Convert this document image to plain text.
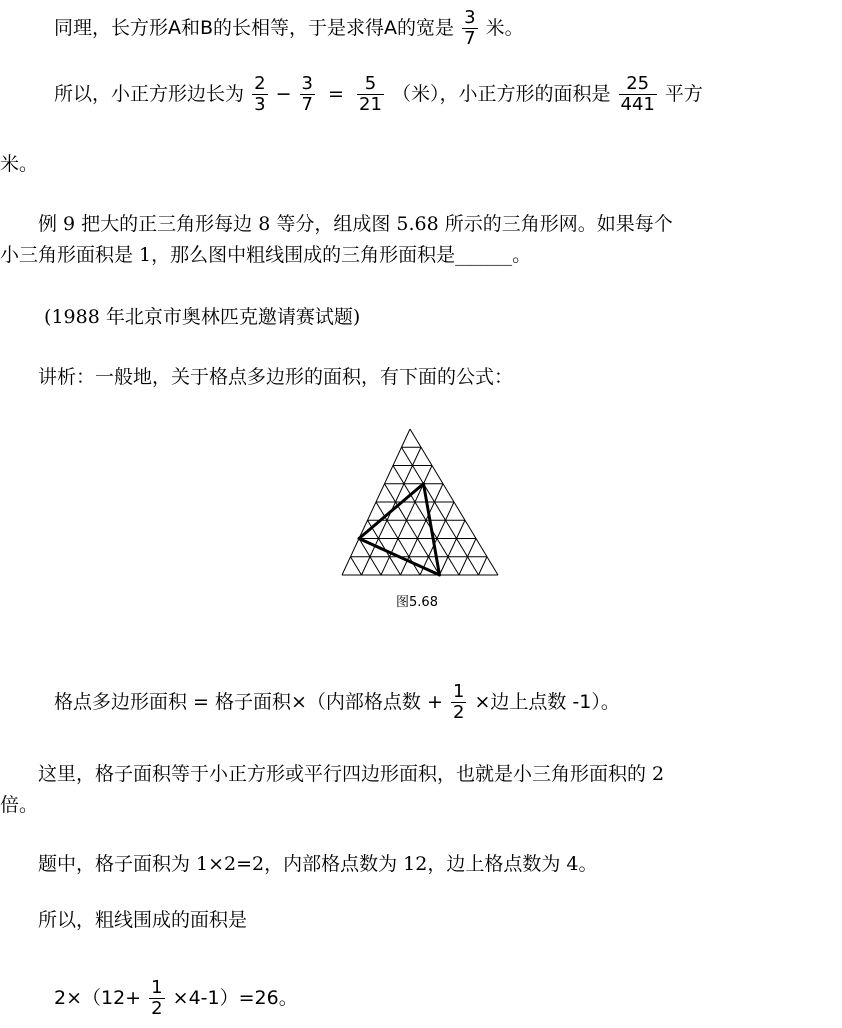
同理，长方形A和B的长相等，于是求得A的宽是 $\frac{3}{7}$ 米。
所以，小正方形边长为 $\frac{2}{3} - \frac{3}{7} = \frac{5}{21}$ （米），小正方形的面积是 $\frac{25}{441}$ 平方
米。
　　例 9 把大的正三角形每边 8 等分，组成图 5.68 所示的三角形网。如果每个
小三角形面积是 1，那么图中粗线围成的三角形面积是______。
　　 (1988 年北京市奥林匹克邀请赛试题)
　　讲析：一般地，关于格点多边形的面积，有下面的公式：
图5.68
格点多边形面积 = 格子面积×（内部格点数 + $\frac{1}{2}$ ×边上点数 -1）。
　　这里，格子面积等于小正方形或平行四边形面积，也就是小三角形面积的 2
倍。
　　题中，格子面积为 1×2=2，内部格点数为 12，边上格点数为 4。
　　所以，粗线围成的面积是
$2\times(12+ \frac{1}{2} \times 4-1)=26$。
